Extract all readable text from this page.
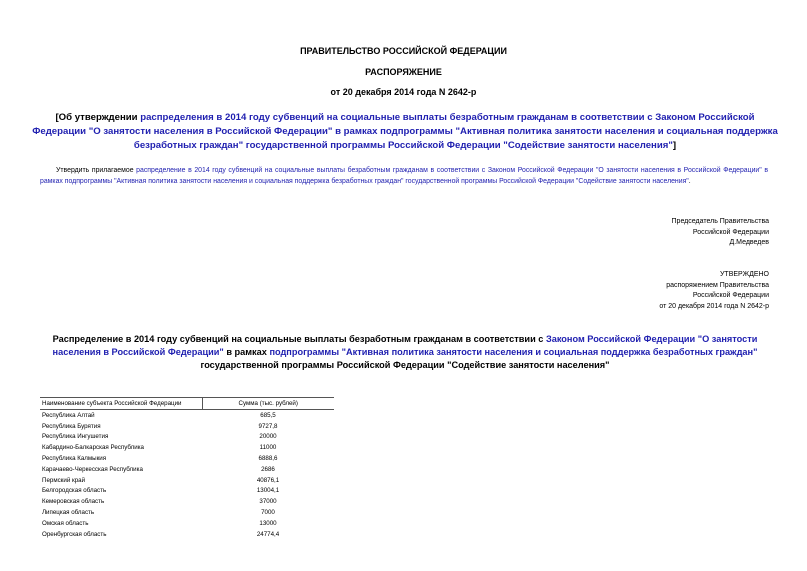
ПРАВИТЕЛЬСТВО РОССИЙСКОЙ ФЕДЕРАЦИИ
РАСПОРЯЖЕНИЕ
от 20 декабря 2014 года N 2642-р
[Об утверждении распределения в 2014 году субвенций на социальные выплаты безработным гражданам в соответствии с Законом Российской Федерации "О занятости населения в Российской Федерации" в рамках подпрограммы "Активная политика занятости населения и социальная поддержка безработных граждан" государственной программы Российской Федерации "Содействие занятости населения"]
Утвердить прилагаемое распределение в 2014 году субвенций на социальные выплаты безработным гражданам в соответствии с Законом Российской Федерации "О занятости населения в Российской Федерации" в рамках подпрограммы "Активная политика занятости населения и социальная поддержка безработных граждан" государственной программы Российской Федерации "Содействие занятости населения".
Председатель Правительства
Российской Федерации
Д.Медведев
УТВЕРЖДЕНО
распоряжением Правительства
Российской Федерации
от 20 декабря 2014 года N 2642-р
Распределение в 2014 году субвенций на социальные выплаты безработным гражданам в соответствии с Законом Российской Федерации "О занятости населения в Российской Федерации" в рамках подпрограммы "Активная политика занятости населения и социальная поддержка безработных граждан" государственной программы Российской Федерации "Содействие занятости населения"
Наименование субъекта Российской Федерации	Сумма (тыс. рублей)
Республика Алтай	685,5
Республика Бурятия	9727,8
Республика Ингушетия	20000
Кабардино-Балкарская Республика	11000
Республика Калмыкия	6888,6
Карачаево-Черкесская Республика	2686
Пермский край	40876,1
Белгородская область	13004,1
Кемеровская область	37000
Липецкая область	7000
Омская область	13000
Оренбургская область	24774,4
